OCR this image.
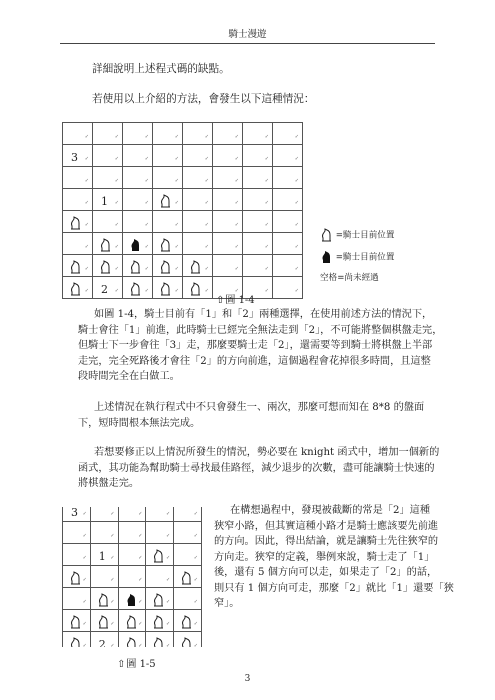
騎士漫遊
詳細說明上述程式碼的缺點。
若使用以上介紹的方法，會發生以下這種情況：
✓	✓	✓	✓	✓	✓	✓	✓

3 ✓	✓	✓	✓	✓	✓	✓	✓

✓	✓	✓	✓	✓	✓	✓	✓

✓	1 ✓	✓	✓	✓	✓	✓	✓

✓	✓	✓	✓	✓	✓	✓	✓

✓	✓	✓	✓	✓	✓	✓	✓

✓	✓	✓	✓	✓	✓	✓	✓

✓	2 ✓	✓	✓	✓	✓	✓	✓
=騎士目前位置
=騎士目前位置
空格=尚未經過
⇧圖 1-4
如圖 1-4，騎士目前有「1」和「2」兩種選擇，在使用前述方法的情況下，
騎士會往「1」前進，此時騎士已經完全無法走到「2」，不可能將整個棋盤走完，
但騎士下一步會往「3」走，那麼要騎士走「2」，還需要等到騎士將棋盤上半部
走完，完全死路後才會往「2」的方向前進，這個過程會花掉很多時間，且這整
段時間完全在白做工。
上述情況在執行程式中不只會發生一、兩次，那麼可想而知在 8*8 的盤面
下，短時間根本無法完成。
若想要修正以上情況所發生的情況，勢必要在 knight 函式中，增加一個新的
函式，其功能為幫助騎士尋找最佳路徑，減少退步的次數，盡可能讓騎士快速的
將棋盤走完。
3 ✓	✓	✓	✓	✓

✓	✓	✓	✓	✓

✓	1 ✓	✓	✓	✓

✓	✓	✓	✓	✓

✓	✓	✓	✓	✓

✓	✓	✓	✓	✓

✓	2 ✓	✓	✓	✓
⇧圖 1-5
在構想過程中，發現被截斷的常是「2」這種
狹窄小路，但其實這種小路才是騎士應該要先前進
的方向。因此，得出結論，就是讓騎士先往狹窄的
方向走。狹窄的定義，舉例來說，騎士走了「1」
後，還有 5 個方向可以走，如果走了「2」的話，
則只有 1 個方向可走，那麼「2」就比「1」還要「狹
窄」。
3
